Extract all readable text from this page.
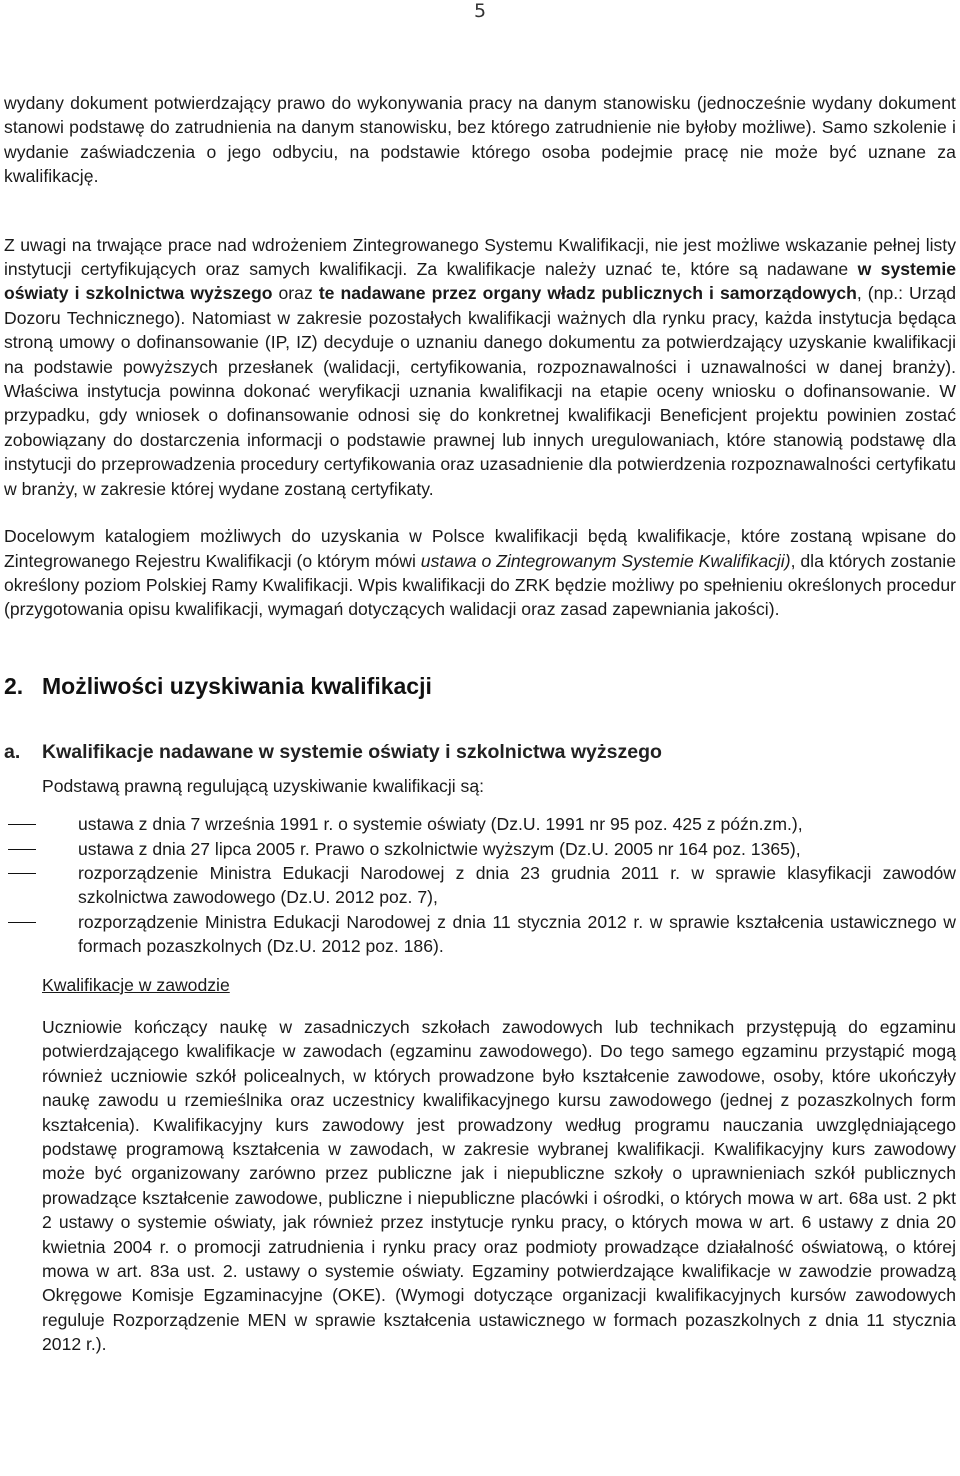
5

wydany dokument potwierdzający prawo do wykonywania pracy na danym stanowisku (jednocześnie wydany dokument stanowi podstawę do zatrudnienia na danym stanowisku, bez którego zatrudnienie nie byłoby możliwe). Samo szkolenie i wydanie zaświadczenia o jego odbyciu, na podstawie którego osoba podejmie pracę nie może być uznane za kwalifikację.

Z uwagi na trwające prace nad wdrożeniem Zintegrowanego Systemu Kwalifikacji, nie jest możliwe wskazanie pełnej listy instytucji certyfikujących oraz samych kwalifikacji. Za kwalifikacje należy uznać te, które są nadawane w systemie oświaty i szkolnictwa wyższego oraz te nadawane przez organy władz publicznych i samorządowych, (np.: Urząd Dozoru Technicznego). Natomiast w zakresie pozostałych kwalifikacji ważnych dla rynku pracy, każda instytucja będąca stroną umowy o dofinansowanie (IP, IZ) decyduje o uznaniu danego dokumentu za potwierdzający uzyskanie kwalifikacji na podstawie powyższych przesłanek (walidacji, certyfikowania, rozpoznawalności i uznawalności w danej branży). Właściwa instytucja powinna dokonać weryfikacji uznania kwalifikacji na etapie oceny wniosku o dofinansowanie. W przypadku, gdy wniosek o dofinansowanie odnosi się do konkretnej kwalifikacji Beneficjent projektu powinien zostać zobowiązany do dostarczenia informacji o podstawie prawnej lub innych uregulowaniach, które stanowią podstawę dla instytucji do przeprowadzenia procedury certyfikowania oraz uzasadnienie dla potwierdzenia rozpoznawalności certyfikatu w branży, w zakresie której wydane zostaną certyfikaty.

Docelowym katalogiem możliwych do uzyskania w Polsce kwalifikacji będą kwalifikacje, które zostaną wpisane do Zintegrowanego Rejestru Kwalifikacji (o którym mówi ustawa o Zintegrowanym Systemie Kwalifikacji), dla których zostanie określony poziom Polskiej Ramy Kwalifikacji. Wpis kwalifikacji do ZRK będzie możliwy po spełnieniu określonych procedur (przygotowania opisu kwalifikacji, wymagań dotyczących walidacji oraz zasad zapewniania jakości).

2. Możliwości uzyskiwania kwalifikacji
a. Kwalifikacje nadawane w systemie oświaty i szkolnictwa wyższego

Podstawą prawną regulującą uzyskiwanie kwalifikacji są:

ustawa z dnia 7 września 1991 r. o systemie oświaty (Dz.U. 1991 nr 95 poz. 425 z późn.zm.),
ustawa z dnia 27 lipca 2005 r. Prawo o szkolnictwie wyższym (Dz.U. 2005 nr 164 poz. 1365),
rozporządzenie Ministra Edukacji Narodowej z dnia 23 grudnia 2011 r. w sprawie klasyfikacji zawodów szkolnictwa zawodowego (Dz.U. 2012 poz. 7),
rozporządzenie Ministra Edukacji Narodowej z dnia 11 stycznia 2012 r. w sprawie kształcenia ustawicznego w formach pozaszkolnych (Dz.U. 2012 poz. 186).

Kwalifikacje w zawodzie

Uczniowie kończący naukę w zasadniczych szkołach zawodowych lub technikach przystępują do egzaminu potwierdzającego kwalifikacje w zawodach (egzaminu zawodowego). Do tego samego egzaminu przystąpić mogą również uczniowie szkół policealnych, w których prowadzone było kształcenie zawodowe, osoby, które ukończyły naukę zawodu u rzemieślnika oraz uczestnicy kwalifikacyjnego kursu zawodowego (jednej z pozaszkolnych form kształcenia). Kwalifikacyjny kurs zawodowy jest prowadzony według programu nauczania uwzględniającego podstawę programową kształcenia w zawodach, w zakresie wybranej kwalifikacji. Kwalifikacyjny kurs zawodowy może być organizowany zarówno przez publiczne jak i niepubliczne szkoły o uprawnieniach szkół publicznych prowadzące kształcenie zawodowe, publiczne i niepubliczne placówki i ośrodki, o których mowa w art. 68a ust. 2 pkt 2 ustawy o systemie oświaty, jak również przez instytucje rynku pracy, o których mowa w art. 6 ustawy z dnia 20 kwietnia 2004 r. o promocji zatrudnienia i rynku pracy oraz podmioty prowadzące działalność oświatową, o której mowa w art. 83a ust. 2. ustawy o systemie oświaty. Egzaminy potwierdzające kwalifikacje w zawodzie prowadzą Okręgowe Komisje Egzaminacyjne (OKE). (Wymogi dotyczące organizacji kwalifikacyjnych kursów zawodowych reguluje Rozporządzenie MEN w sprawie kształcenia ustawicznego w formach pozaszkolnych z dnia 11 stycznia 2012 r.).
